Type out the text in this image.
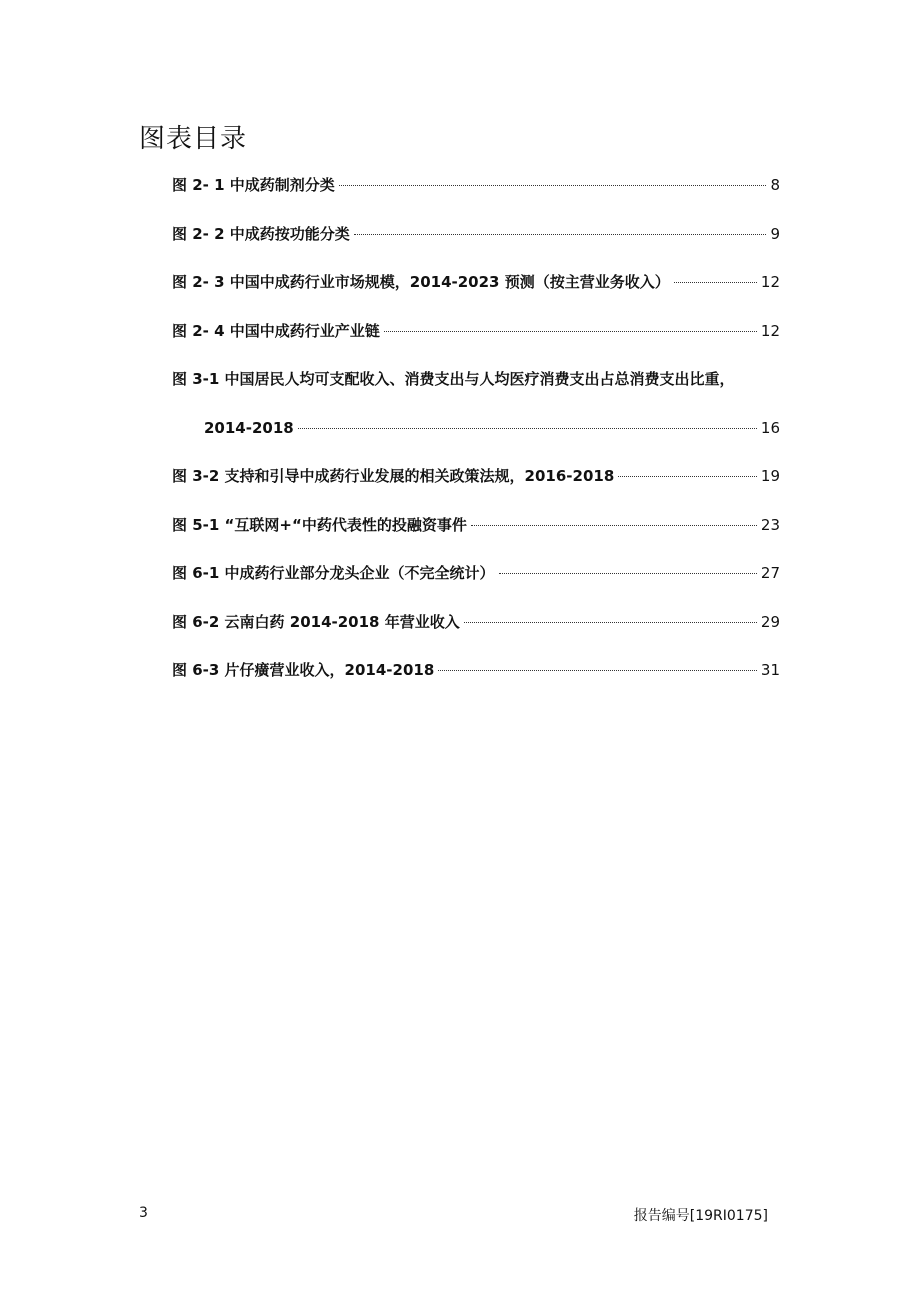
图表目录
图 2- 1 中成药制剂分类	8
图 2- 2 中成药按功能分类	9
图 2- 3 中国中成药行业市场规模，2014-2023 预测（按主营业务收入）	12
图 2- 4 中国中成药行业产业链	12
图 3-1 中国居民人均可支配收入、消费支出与人均医疗消费支出占总消费支出比重，
2014-2018	16
图 3-2 支持和引导中成药行业发展的相关政策法规，2016-2018	19
图 5-1 “互联网+“中药代表性的投融资事件	23
图 6-1 中成药行业部分龙头企业（不完全统计）	27
图 6-2 云南白药 2014-2018 年营业收入	29
图 6-3 片仔癀营业收入，2014-2018	31
3	报告编号[19RI0175]
